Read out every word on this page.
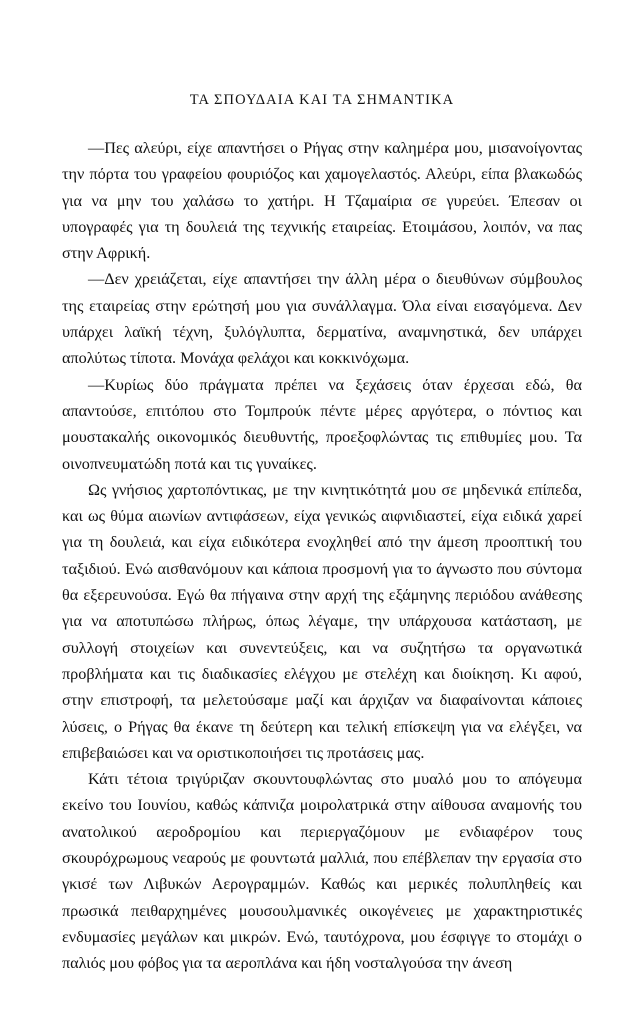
ΤΑ ΣΠΟΥΔΑΙΑ ΚΑΙ ΤΑ ΣΗΜΑΝΤΙΚΑ

—Πες αλεύρι, είχε απαντήσει ο Ρήγας στην καλημέρα μου, μισανοίγοντας την πόρτα του γραφείου φουριόζος και χαμογελαστός. Αλεύρι, είπα βλακωδώς για να μην του χαλάσω το χατήρι. Η Τζαμαίρια σε γυρεύει. Έπεσαν οι υπογραφές για τη δουλειά της τεχνικής εταιρείας. Ετοιμάσου, λοιπόν, να πας στην Αφρική.

—Δεν χρειάζεται, είχε απαντήσει την άλλη μέρα ο διευθύνων σύμβουλος της εταιρείας στην ερώτησή μου για συνάλλαγμα. Όλα είναι εισαγόμενα. Δεν υπάρχει λαϊκή τέχνη, ξυλόγλυπτα, δερματίνα, αναμνηστικά, δεν υπάρχει απολύτως τίποτα. Μονάχα φελάχοι και κοκκινόχωμα.

—Κυρίως δύο πράγματα πρέπει να ξεχάσεις όταν έρχεσαι εδώ, θα απαντούσε, επιτόπου στο Τομπρούκ πέντε μέρες αργότερα, ο πόντιος και μουστακαλής οικονομικός διευθυντής, προεξοφλώντας τις επιθυμίες μου. Τα οινοπνευματώδη ποτά και τις γυναίκες.

Ως γνήσιος χαρτοπόντικας, με την κινητικότητά μου σε μηδενικά επίπεδα, και ως θύμα αιωνίων αντιφάσεων, είχα γενικώς αιφνιδιαστεί, είχα ειδικά χαρεί για τη δουλειά, και είχα ειδικότερα ενοχληθεί από την άμεση προοπτική του ταξιδιού. Ενώ αισθανόμουν και κάποια προσμονή για το άγνωστο που σύντομα θα εξερευνούσα. Εγώ θα πήγαινα στην αρχή της εξάμηνης περιόδου ανάθεσης για να αποτυπώσω πλήρως, όπως λέγαμε, την υπάρχουσα κατάσταση, με συλλογή στοιχείων και συνεντεύξεις, και να συζητήσω τα οργανωτικά προβλήματα και τις διαδικασίες ελέγχου με στελέχη και διοίκηση. Κι αφού, στην επιστροφή, τα μελετούσαμε μαζί και άρχιζαν να διαφαίνονται κάποιες λύσεις, ο Ρήγας θα έκανε τη δεύτερη και τελική επίσκεψη για να ελέγξει, να επιβεβαιώσει και να οριστικοποιήσει τις προτάσεις μας.

Κάτι τέτοια τριγύριζαν σκουντουφλώντας στο μυαλό μου το απόγευμα εκείνο του Ιουνίου, καθώς κάπνιζα μοιρολατρικά στην αίθουσα αναμονής του ανατολικού αεροδρομίου και περιεργαζόμουν με ενδιαφέρον τους σκουρόχρωμους νεαρούς με φουντωτά μαλλιά, που επέβλεπαν την εργασία στο γκισέ των Λιβυκών Αερογραμμών. Καθώς και μερικές πολυπληθείς και πρωσικά πειθαρχημένες μουσουλμανικές οικογένειες με χαρακτηριστικές ενδυμασίες μεγάλων και μικρών. Ενώ, ταυτόχρονα, μου έσφιγγε το στομάχι ο παλιός μου φόβος για τα αεροπλάνα και ήδη νοσταλγούσα την άνεση
